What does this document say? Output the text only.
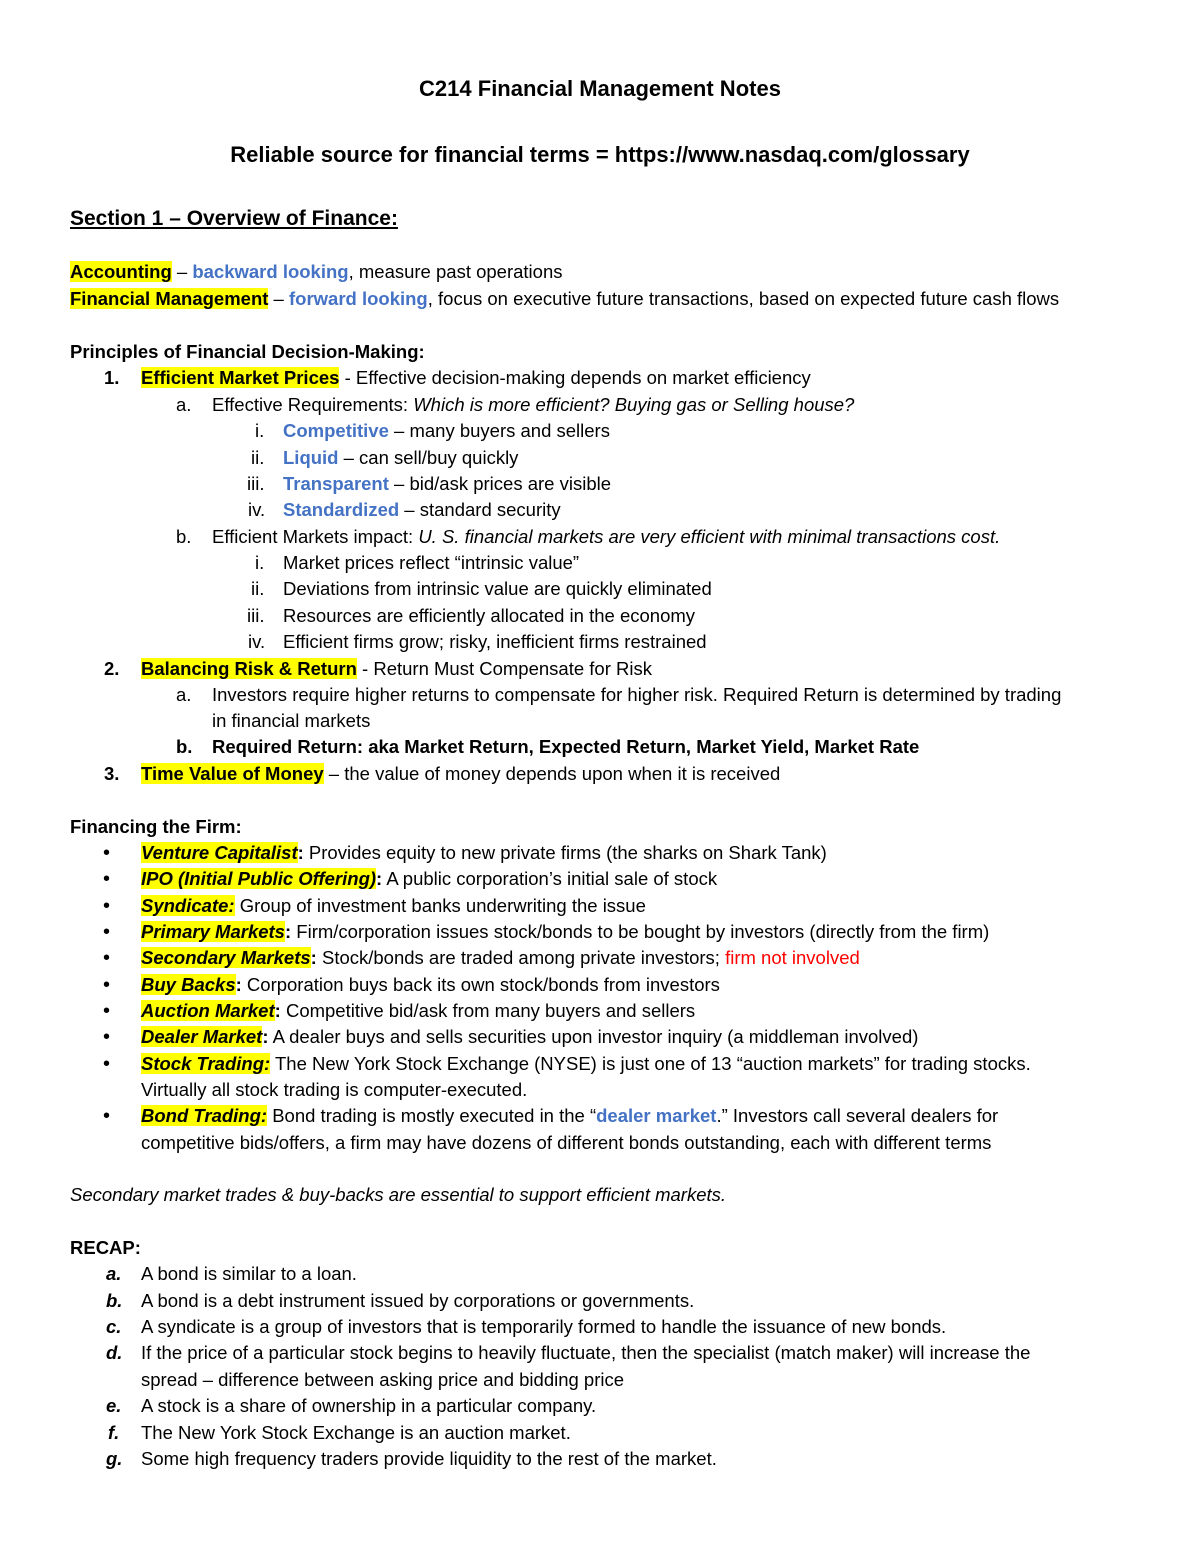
C214 Financial Management Notes
Reliable source for financial terms = https://www.nasdaq.com/glossary
Section 1 – Overview of Finance:
Accounting – backward looking, measure past operations
Financial Management – forward looking, focus on executive future transactions, based on expected future cash flows
Principles of Financial Decision-Making:
1. Efficient Market Prices - Effective decision-making depends on market efficiency
a. Effective Requirements: Which is more efficient? Buying gas or Selling house?
i. Competitive – many buyers and sellers
ii. Liquid – can sell/buy quickly
iii. Transparent – bid/ask prices are visible
iv. Standardized – standard security
b. Efficient Markets impact: U. S. financial markets are very efficient with minimal transactions cost.
i. Market prices reflect “intrinsic value”
ii. Deviations from intrinsic value are quickly eliminated
iii. Resources are efficiently allocated in the economy
iv. Efficient firms grow; risky, inefficient firms restrained
2. Balancing Risk & Return - Return Must Compensate for Risk
a. Investors require higher returns to compensate for higher risk. Required Return is determined by trading
in financial markets
b. Required Return: aka Market Return, Expected Return, Market Yield, Market Rate
3. Time Value of Money – the value of money depends upon when it is received
Financing the Firm:
• Venture Capitalist: Provides equity to new private firms (the sharks on Shark Tank)
• IPO (Initial Public Offering): A public corporation’s initial sale of stock
• Syndicate: Group of investment banks underwriting the issue
• Primary Markets: Firm/corporation issues stock/bonds to be bought by investors (directly from the firm)
• Secondary Markets: Stock/bonds are traded among private investors; firm not involved
• Buy Backs: Corporation buys back its own stock/bonds from investors
• Auction Market: Competitive bid/ask from many buyers and sellers
• Dealer Market: A dealer buys and sells securities upon investor inquiry (a middleman involved)
• Stock Trading: The New York Stock Exchange (NYSE) is just one of 13 “auction markets” for trading stocks.
Virtually all stock trading is computer-executed.
• Bond Trading: Bond trading is mostly executed in the “dealer market.” Investors call several dealers for
competitive bids/offers, a firm may have dozens of different bonds outstanding, each with different terms
Secondary market trades & buy-backs are essential to support efficient markets.
RECAP:
a. A bond is similar to a loan.
b. A bond is a debt instrument issued by corporations or governments.
c. A syndicate is a group of investors that is temporarily formed to handle the issuance of new bonds.
d. If the price of a particular stock begins to heavily fluctuate, then the specialist (match maker) will increase the
spread – difference between asking price and bidding price
e. A stock is a share of ownership in a particular company.
f. The New York Stock Exchange is an auction market.
g. Some high frequency traders provide liquidity to the rest of the market.
